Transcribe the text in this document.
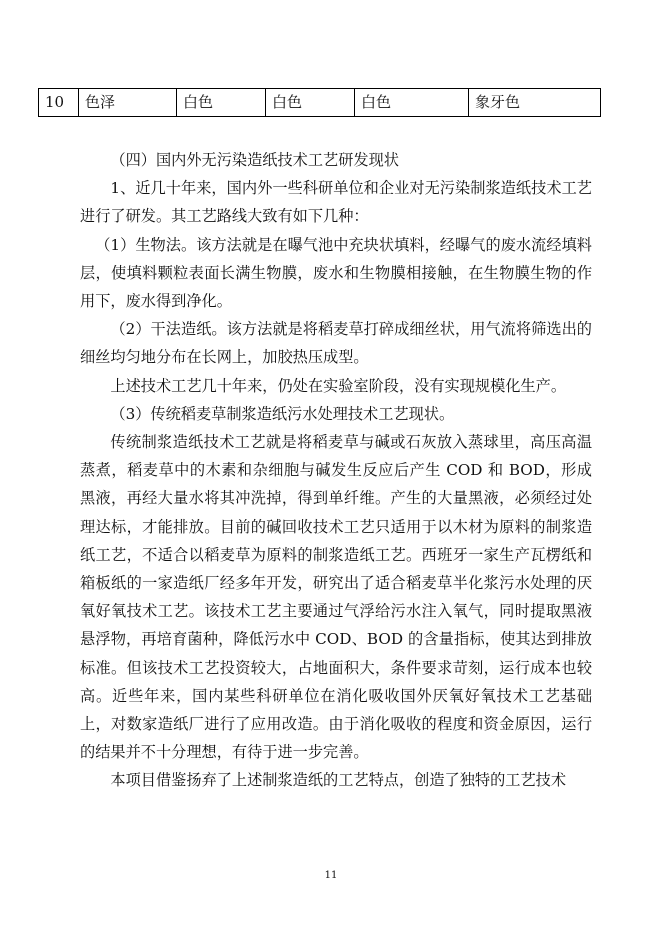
10	色泽	白色	白色	白色	象牙色

（四）国内外无污染造纸技术工艺研发现状

1、近几十年来，国内外一些科研单位和企业对无污染制浆造纸技术工艺进行了研发。其工艺路线大致有如下几种：

（1）生物法。该方法就是在曝气池中充块状填料，经曝气的废水流经填料层，使填料颗粒表面长满生物膜，废水和生物膜相接触，在生物膜生物的作用下，废水得到净化。

（2）干法造纸。该方法就是将稻麦草打碎成细丝状，用气流将筛选出的细丝均匀地分布在长网上，加胶热压成型。

上述技术工艺几十年来，仍处在实验室阶段，没有实现规模化生产。

（3）传统稻麦草制浆造纸污水处理技术工艺现状。

传统制浆造纸技术工艺就是将稻麦草与碱或石灰放入蒸球里，高压高温蒸煮，稻麦草中的木素和杂细胞与碱发生反应后产生 COD 和 BOD，形成黑液，再经大量水将其冲洗掉，得到单纤维。产生的大量黑液，必须经过处理达标，才能排放。目前的碱回收技术工艺只适用于以木材为原料的制浆造纸工艺，不适合以稻麦草为原料的制浆造纸工艺。西班牙一家生产瓦楞纸和箱板纸的一家造纸厂经多年开发，研究出了适合稻麦草半化浆污水处理的厌氧好氧技术工艺。该技术工艺主要通过气浮给污水注入氧气，同时提取黑液悬浮物，再培育菌种，降低污水中 COD、BOD 的含量指标，使其达到排放标准。但该技术工艺投资较大，占地面积大，条件要求苛刻，运行成本也较高。近些年来，国内某些科研单位在消化吸收国外厌氧好氧技术工艺基础上，对数家造纸厂进行了应用改造。由于消化吸收的程度和资金原因，运行的结果并不十分理想，有待于进一步完善。

本项目借鉴扬弃了上述制浆造纸的工艺特点，创造了独特的工艺技术

11
